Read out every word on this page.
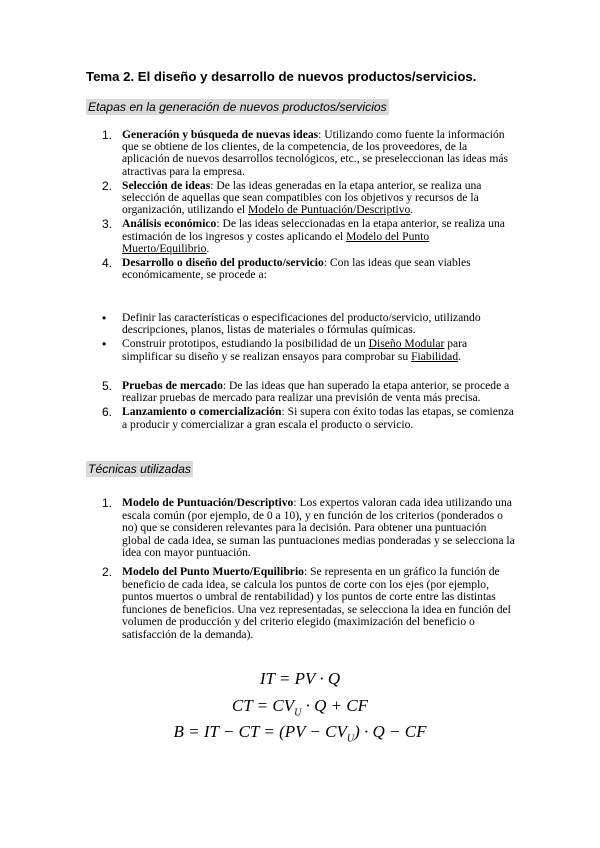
Tema 2. El diseño y desarrollo de nuevos productos/servicios.
Etapas en la generación de nuevos productos/servicios
1. Generación y búsqueda de nuevas ideas: Utilizando como fuente la información que se obtiene de los clientes, de la competencia, de los proveedores, de la aplicación de nuevos desarrollos tecnológicos, etc., se preseleccionan las ideas más atractivas para la empresa.
2. Selección de ideas: De las ideas generadas en la etapa anterior, se realiza una selección de aquellas que sean compatibles con los objetivos y recursos de la organización, utilizando el Modelo de Puntuación/Descriptivo.
3. Análisis económico: De las ideas seleccionadas en la etapa anterior, se realiza una estimación de los ingresos y costes aplicando el Modelo del Punto Muerto/Equilibrio.
4. Desarrollo o diseño del producto/servicio: Con las ideas que sean viables económicamente, se procede a:
• Definir las características o especificaciones del producto/servicio, utilizando descripciones, planos, listas de materiales o fórmulas químicas.
• Construir prototipos, estudiando la posibilidad de un Diseño Modular para simplificar su diseño y se realizan ensayos para comprobar su Fiabilidad.
5. Pruebas de mercado: De las ideas que han superado la etapa anterior, se procede a realizar pruebas de mercado para realizar una previsión de venta más precisa.
6. Lanzamiento o comercialización: Si supera con éxito todas las etapas, se comienza a producir y comercializar a gran escala el producto o servicio.
Técnicas utilizadas
1. Modelo de Puntuación/Descriptivo: Los expertos valoran cada idea utilizando una escala común (por ejemplo, de 0 a 10), y en función de los criterios (ponderados o no) que se consideren relevantes para la decisión. Para obtener una puntuación global de cada idea, se suman las puntuaciones medias ponderadas y se selecciona la idea con mayor puntuación.
2. Modelo del Punto Muerto/Equilibrio: Se representa en un gráfico la función de beneficio de cada idea, se calcula los puntos de corte con los ejes (por ejemplo, puntos muertos o umbral de rentabilidad) y los puntos de corte entre las distintas funciones de beneficios. Una vez representadas, se selecciona la idea en función del volumen de producción y del criterio elegido (maximización del beneficio o satisfacción de la demanda).
IT = PV · Q
CT = $CV_U \cdot Q$ + CF
B = IT − CT = $(PV - CV_U) \cdot Q$ − CF
